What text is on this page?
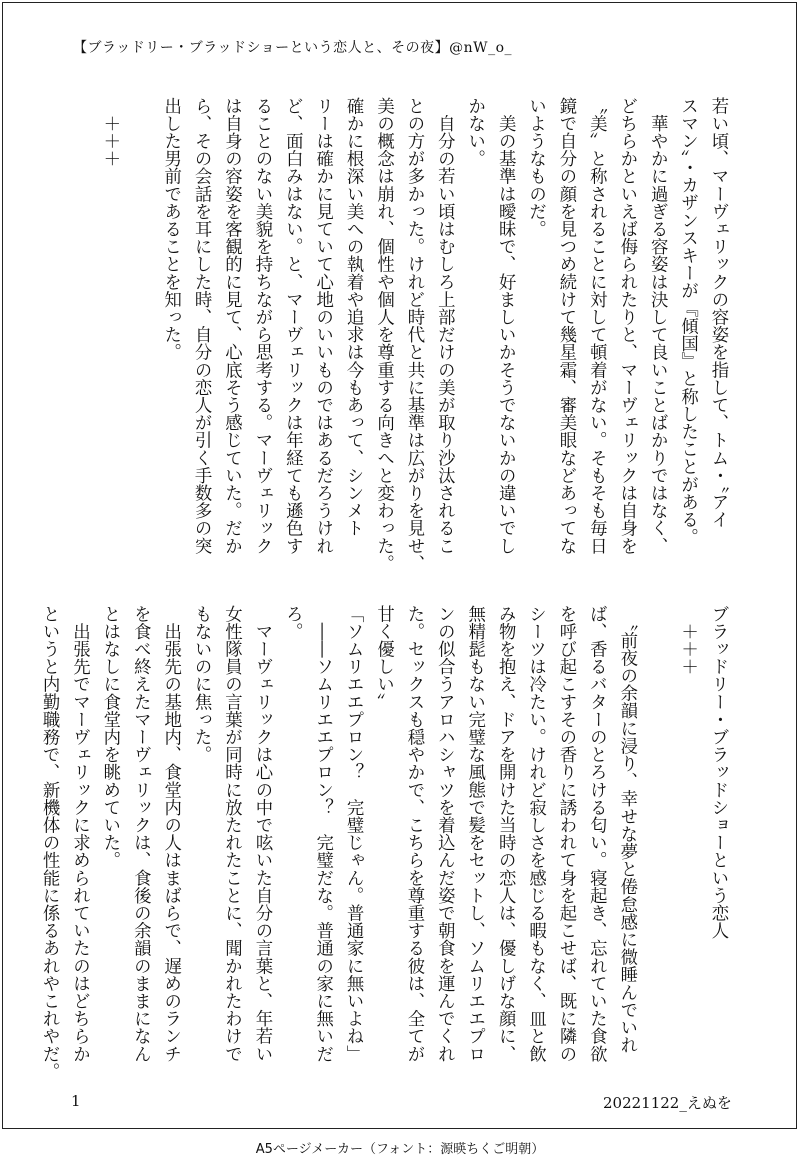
【ブラッドリー・ブラッドショーという恋人と、その夜】@nW_o_

若い頃、マーヴェリックの容姿を指して、トム・〝アイ

スマン〟・カザンスキーが『傾国』と称したことがある。

　華やかに過ぎる容姿は決して良いことばかりではなく、

どちらかといえば侮られたりと、マーヴェリックは自身を

〝美〟と称されることに対して頓着がない。そもそも毎日

鏡で自分の顔を見つめ続けて幾星霜、審美眼などあってな

いようなものだ。

　美の基準は曖昧で、好ましいかそうでないかの違いでし

かない。

　自分の若い頃はむしろ上部だけの美が取り沙汰されるこ

との方が多かった。けれど時代と共に基準は広がりを見せ、

美の概念は崩れ、個性や個人を尊重する向きへと変わった。

確かに根深い美への執着や追求は今もあって、シンメト

リーは確かに見ていて心地のいいものではあるだろうけれ

ど、面白みはない。と、マーヴェリックは年経ても遜色す

ることのない美貌を持ちながら思考する。マーヴェリック

は自身の容姿を客観的に見て、心底そう感じていた。だか

ら、その会話を耳にした時、自分の恋人が引く手数多の突

出した男前であることを知った。

　＋＋＋

ブラッドリー・ブラッドショーという恋人

　＋＋＋

　〝前夜の余韻に浸り、幸せな夢と倦怠感に微睡んでいれ

ば、香るバターのとろける匂い。寝起き、忘れていた食欲

を呼び起こすその香りに誘われて身を起こせば、既に隣の

シーツは冷たい。けれど寂しさを感じる暇もなく、皿と飲

み物を抱え、ドアを開けた当時の恋人は、優しげな顔に、

無精髭もない完璧な風態で髪をセットし、ソムリエエプロ

ンの似合うアロハシャツを着込んだ姿で朝食を運んでくれ

た。セックスも穏やかで、こちらを尊重する彼は、全てが

甘く優しい〟

「ソムリエエプロン？　完璧じゃん。普通家に無いよね」

　――ソムリエエプロン？　完璧だな。普通の家に無いだ

ろ。

　マーヴェリックは心の中で呟いた自分の言葉と、年若い

女性隊員の言葉が同時に放たれたことに、聞かれたわけで

もないのに焦った。

　出張先の基地内、食堂内の人はまばらで、遅めのランチ

を食べ終えたマーヴェリックは、食後の余韻のままになん

とはなしに食堂内を眺めていた。

　出張先でマーヴェリックに求められていたのはどちらか

というと内勤職務で、新機体の性能に係るあれやこれやだ。

1	20221122_えぬを
A5ページメーカー（フォント：源暎ちくご明朝）
